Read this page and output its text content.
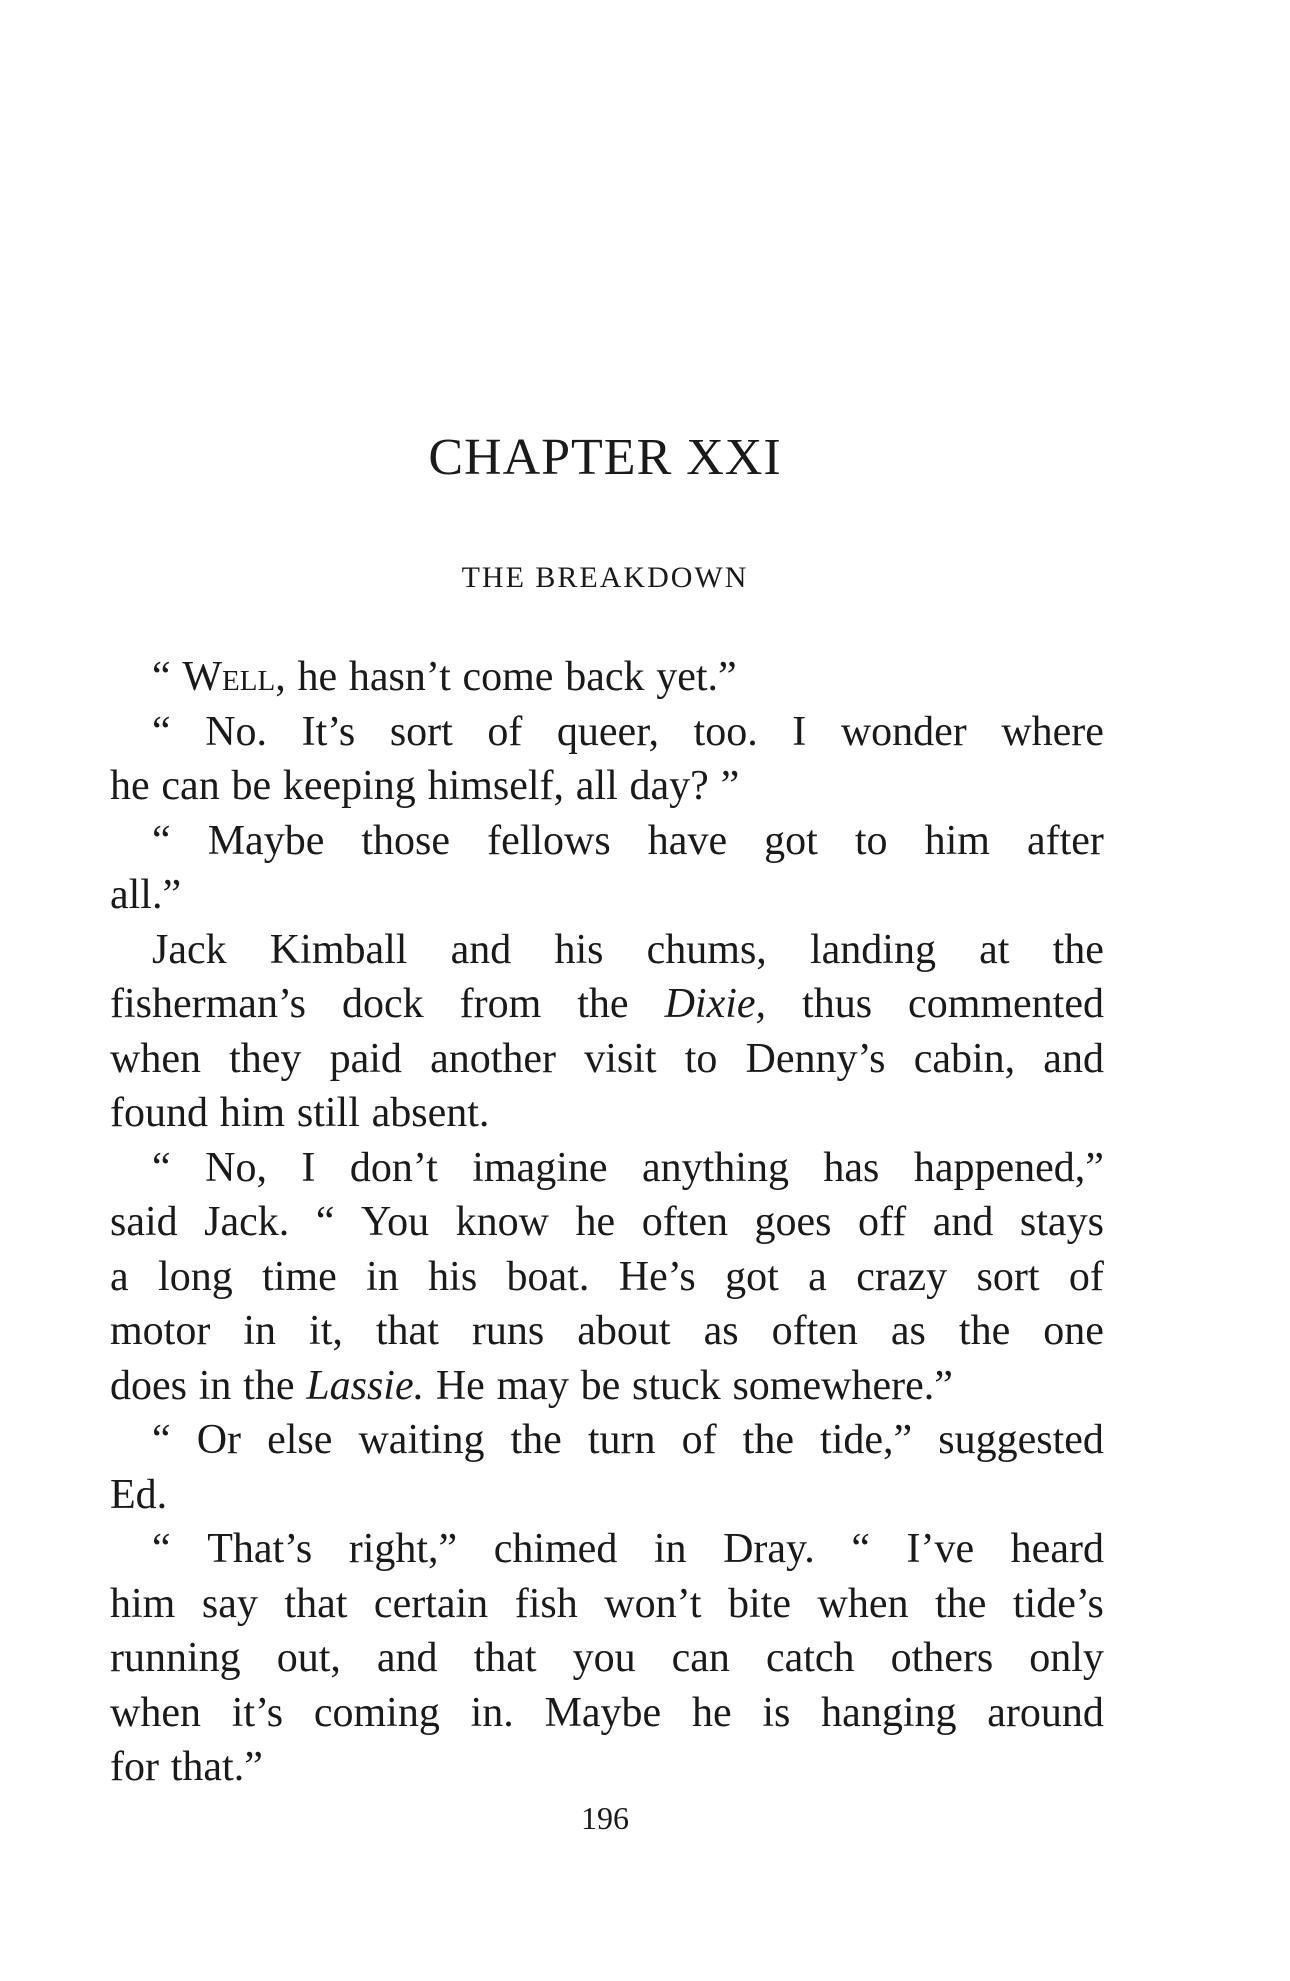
CHAPTER XXI
THE BREAKDOWN
“ Well, he hasn’t come back yet.”
“ No. It’s sort of queer, too. I wonder where
he can be keeping himself, all day? ”
“ Maybe those fellows have got to him after
all.”
Jack Kimball and his chums, landing at the
fisherman’s dock from the Dixie, thus commented
when they paid another visit to Denny’s cabin, and
found him still absent.
“ No, I don’t imagine anything has happened,”
said Jack. “ You know he often goes off and stays
a long time in his boat. He’s got a crazy sort of
motor in it, that runs about as often as the one
does in the Lassie. He may be stuck somewhere.”
“ Or else waiting the turn of the tide,” suggested
Ed.
“ That’s right,” chimed in Dray. “ I’ve heard
him say that certain fish won’t bite when the tide’s
running out, and that you can catch others only
when it’s coming in. Maybe he is hanging around
for that.”
196
